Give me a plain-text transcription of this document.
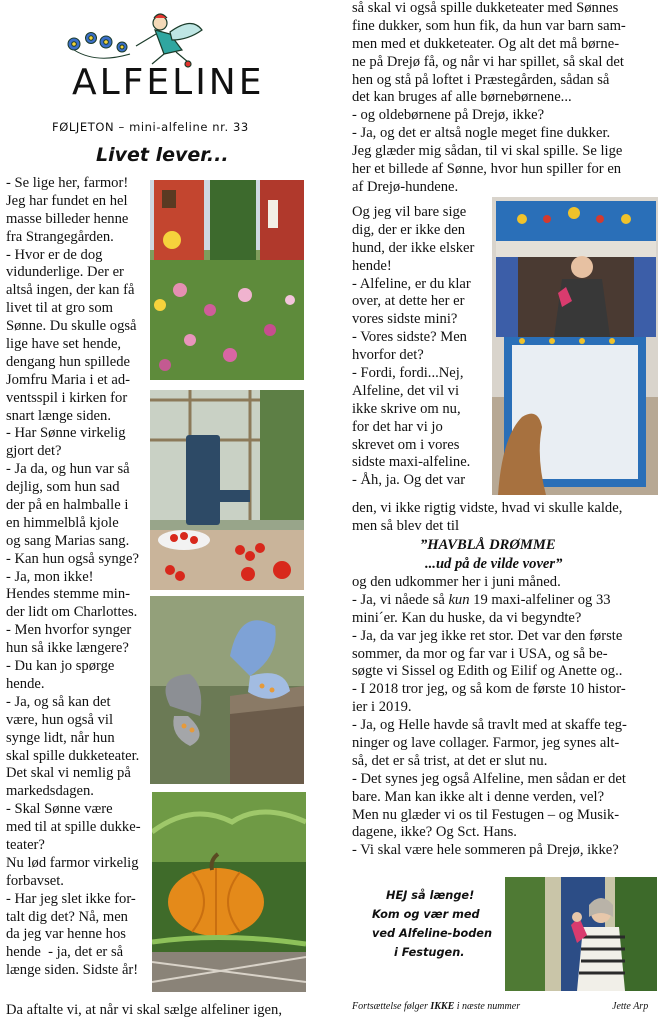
ALFELINE
FØLJETON – mini-alfeline nr. 33
Livet lever...
- Se lige her, farmor!
Jeg har fundet en hel
masse billeder henne
fra Strangegården.
- Hvor er de dog
vidunderlige. Der er
altså ingen, der kan få
livet til at gro som
Sønne. Du skulle også
lige have set hende,
dengang hun spillede
Jomfru Maria i et ad-
ventsspil i kirken for
snart længe siden.
- Har Sønne virkelig
gjort det?
- Ja da, og hun var så
dejlig, som hun sad
der på en halmballe i
en himmelblå kjole
og sang Marias sang.
- Kan hun også synge?
- Ja, mon ikke!
Hendes stemme min-
der lidt om Charlottes.
- Men hvorfor synger
hun så ikke længere?
- Du kan jo spørge
hende.
- Ja, og så kan det
være, hun også vil
synge lidt, når hun
skal spille dukketeater.
Det skal vi nemlig på
markedsdagen.
- Skal Sønne være
med til at spille dukke-
teater?
Nu lød farmor virkelig
forbavset.
- Har jeg slet ikke for-
talt dig det? Nå, men
da jeg var henne hos
hende  - ja, det er så
længe siden. Sidste år!
Da aftalte vi, at når vi skal sælge alfeliner igen,
så skal vi også spille dukketeater med Sønnes
fine dukker, som hun fik, da hun var barn sam-
men med et dukketeater. Og alt det må børne-
ne på Drejø få, og når vi har spillet, så skal det
hen og stå på loftet i Præstegården, sådan så
det kan bruges af alle børnebørnene...
- og oldebørnene på Drejø, ikke?
- Ja, og det er altså nogle meget fine dukker.
Jeg glæder mig sådan, til vi skal spille. Se lige
her et billede af Sønne, hvor hun spiller for en
af Drejø-hundene.
Og jeg vil bare sige
dig, der er ikke den
hund, der ikke elsker
hende!
- Alfeline, er du klar
over, at dette her er
vores sidste mini?
- Vores sidste? Men
hvorfor det?
- Fordi, fordi...Nej,
Alfeline, det vil vi
ikke skrive om nu,
for det har vi jo
skrevet om i vores
sidste maxi-alfeline.
- Åh, ja. Og det var
den, vi ikke rigtig vidste, hvad vi skulle kalde,
men så blev det til
”HAVBLÅ DRØMME
...ud på de vilde vover”
og den udkommer her i juni måned.
- Ja, vi nåede så kun 19 maxi-alfeliner og 33
mini´er. Kan du huske, da vi begyndte?
- Ja, da var jeg ikke ret stor. Det var den første
sommer, da mor og far var i USA, og så be-
søgte vi Sissel og Edith og Eilif og Anette og..
- I 2018 tror jeg, og så kom de første 10 histor-
ier i 2019.
- Ja, og Helle havde så travlt med at skaffe teg-
ninger og lave collager. Farmor, jeg synes alt-
så, det er så trist, at det er slut nu.
- Det synes jeg også Alfeline, men sådan er det
bare. Man kan ikke alt i denne verden, vel?
Men nu glæder vi os til Festugen – og Musik-
dagene, ikke? Og Sct. Hans.
- Vi skal være hele sommeren på Drejø, ikke?
HEJ så længe!
Kom og vær med
ved Alfeline-boden
i Festugen.
Fortsættelse følger IKKE i næste nummer	Jette Arp
